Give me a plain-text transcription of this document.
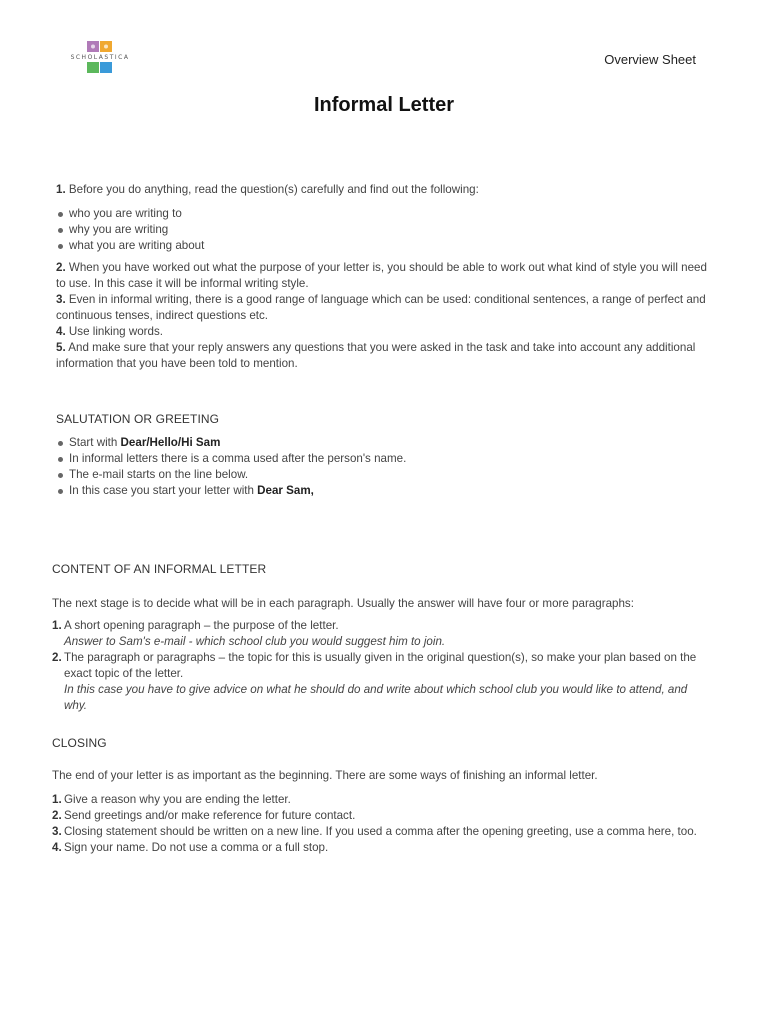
SCHOLASTICA	Overview Sheet
Informal Letter

1. Before you do anything, read the question(s) carefully and find out the following:

who you are writing to
why you are writing
what you are writing about

2. When you have worked out what the purpose of your letter is, you should be able to work out what kind of style you will need to use. In this case it will be informal writing style.

3. Even in informal writing, there is a good range of language which can be used: conditional sentences, a range of perfect and continuous tenses, indirect questions etc.

4. Use linking words.

5. And make sure that your reply answers any questions that you were asked in the task and take into account any additional information that you have been told to mention.

SALUTATION OR GREETING
Start with Dear/Hello/Hi Sam
In informal letters there is a comma used after the person's name.
The e-mail starts on the line below.
In this case you start your letter with Dear Sam,
CONTENT OF AN INFORMAL LETTER
The next stage is to decide what will be in each paragraph. Usually the answer will have four or more paragraphs:
1. A short opening paragraph – the purpose of the letter.
Answer to Sam's e-mail - which school club you would suggest him to join.
2. The paragraph or paragraphs – the topic for this is usually given in the original question(s), so make your plan based on the exact topic of the letter.
In this case you have to give advice on what he should do and write about which school club you would like to attend, and why.
CLOSING
The end of your letter is as important as the beginning. There are some ways of finishing an informal letter.
1. Give a reason why you are ending the letter.
2. Send greetings and/or make reference for future contact.
3. Closing statement should be written on a new line. If you used a comma after the opening greeting, use a comma here, too.
4. Sign your name. Do not use a comma or a full stop.
